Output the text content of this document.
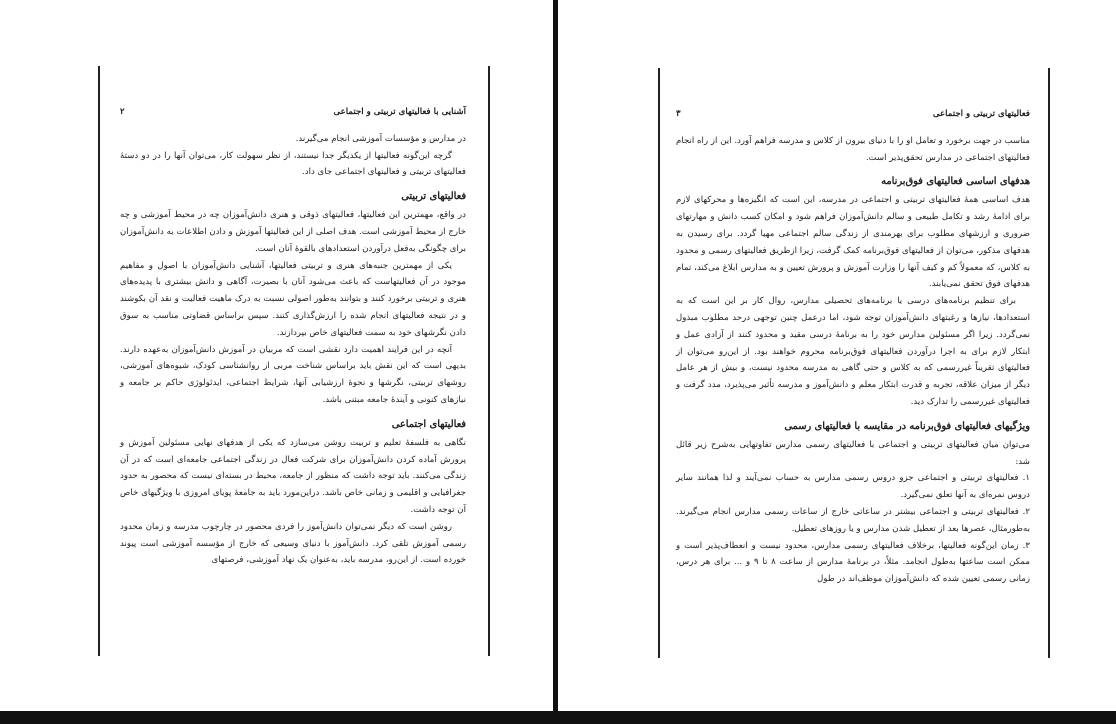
آشنایی با فعالیتهای تربیتی و اجتماعی
۲

در مدارس و مؤسسات آموزشی انجام می‌گیرند.

گرچه این‌گونه فعالیتها از یکدیگر جدا نیستند، از نظر سهولت کار، می‌توان آنها را در دو دستهٔ فعالیتهای تربیتی و فعالیتهای اجتماعی جای داد.

فعالیتهای تربیتی

در واقع، مهمترین این فعالیتها، فعالیتهای ذوقی و هنری دانش‌آموزان چه در محیط آموزشی و چه خارج از محیط آموزشی است. هدف اصلی از این فعالیتها آموزش و دادن اطلاعات به دانش‌آموزان برای چگونگی به‌فعل درآوردن استعدادهای بالقوهٔ آنان است.

یکی از مهمترین جنبه‌های هنری و تربیتی فعالیتها، آشنایی دانش‌آموزان با اصول و مفاهیم موجود در آن فعالیتهاست که باعث می‌شود آنان با بصیرت، آگاهی و دانش بیشتری با پدیده‌های هنری و تربیتی برخورد کنند و بتوانند به‌طور اصولی نسبت به درک ماهیت فعالیت و نقد آن بکوشند و در نتیجه فعالیتهای انجام شده را ارزش‌گذاری کنند. سپس براساس قضاوتی مناسب به سوق دادن نگرشهای خود به سمت فعالیتهای خاص بپردازند.

آنچه در این فرایند اهمیت دارد نقشی است که مربیان در آموزش دانش‌آموزان به‌عهده دارند. بدیهی است که این نقش باید براساس شناخت مربی از روانشناسی کودک، شیوه‌های آموزشی، روشهای تربیتی، نگرشها و نحوهٔ ارزشیابی آنها، شرایط اجتماعی، ایدئولوژی حاکم بر جامعه و نیازهای کنونی و آیندهٔ جامعه مبتنی باشد.

فعالیتهای اجتماعی

نگاهی به فلسفهٔ تعلیم و تربیت روشن می‌سازد که یکی از هدفهای نهایی مسئولین آموزش و پرورش آماده کردن دانش‌آموزان برای شرکت فعال در زندگی اجتماعی جامعه‌ای است که در آن زندگی می‌کنند. باید توجه داشت که منظور از جامعه، محیط در بسته‌ای نیست که محصور به حدود جغرافیایی و اقلیمی و زمانی خاص باشد. دراین‌مورد باید به جامعهٔ پویای امروزی با ویژگیهای خاص آن توجه داشت.

روشن است که دیگر نمی‌توان دانش‌آموز را فردی محصور در چارچوب مدرسه و زمان محدود رسمی آموزش تلقی کرد. دانش‌آموز با دنیای وسیعی که خارج از مؤسسه آموزشی است پیوند خورده است. از این‌رو، مدرسه باید، به‌عنوان یک نهاد آموزشی، فرصتهای

فعالیتهای تربیتی و اجتماعی
۳

مناسب در جهت برخورد و تعامل او را با دنیای بیرون از کلاس و مدرسه فراهم آورد. این از راه انجام فعالیتهای اجتماعی در مدارس تحقق‌پذیر است.

هدفهای اساسی فعالیتهای فوق‌برنامه

هدف اساسی همهٔ فعالیتهای تربیتی و اجتماعی در مدرسه، این است که انگیزه‌ها و محرکهای لازم برای ادامهٔ رشد و تکامل طبیعی و سالم دانش‌آموزان فراهم شود و امکان کسب دانش و مهارتهای ضروری و ارزشهای مطلوب برای بهرمندی از زندگی سالم اجتماعی مهیا گردد. برای رسیدن به هدفهای مذکور، می‌توان از فعالیتهای فوق‌برنامه کمک گرفت، زیرا ازطریق فعالیتهای رسمی و محدود به کلاس، که معمولاً کم و کیف آنها را وزارت آموزش و پرورش تعیین و به مدارس ابلاغ می‌کند، تمام هدفهای فوق تحقق نمی‌یابند.

برای تنظیم برنامه‌های درسی یا برنامه‌های تحصیلی مدارس، روال کار بر این است که به استعدادها، نیازها و رغبتهای دانش‌آموزان توجه شود، اما درعمل چنین توجهی درحد مطلوب مبذول نمی‌گردد. زیرا اگر مسئولین مدارس خود را به برنامهٔ درسی مقید و محدود کنند از آزادی عمل و ابتکار لازم برای به اجرا درآوردن فعالیتهای فوق‌برنامه محروم خواهند بود. از این‌رو می‌توان از فعالیتهای تقریباً غیررسمی که به کلاس و حتی گاهی به مدرسه محدود نیست، و بیش از هر عامل دیگر از میزان علاقه، تجربه و قدرت ابتکار معلم و دانش‌آموز و مدرسه تأثیر می‌پذیرد، مدد گرفت و فعالیتهای غیررسمی را تدارک دید.

ویژگیهای فعالیتهای فوق‌برنامه در مقایسه با فعالیتهای رسمی

می‌توان میان فعالیتهای تربیتی و اجتماعی با فعالیتهای رسمی مدارس تفاوتهایی به‌شرح زیر قائل شد:

۱. فعالیتهای تربیتی و اجتماعی جزو دروس رسمی مدارس به حساب نمی‌آیند و لذا همانند سایر دروس نمره‌ای به آنها تعلق نمی‌گیرد.

۲. فعالیتهای تربیتی و اجتماعی بیشتر در ساعاتی خارج از ساعات رسمی مدارس انجام می‌گیرند. به‌طورمثال، عصرها بعد از تعطیل شدن مدارس و یا روزهای تعطیل.

۳. زمان این‌گونه فعالیتها، برخلاف فعالیتهای رسمی مدارس، محدود نیست و انعطاف‌پذیر است و ممکن است ساعتها به‌طول انجامد. مثلاً، در برنامهٔ مدارس از ساعت ۸ تا ۹ و ... برای هر درس، زمانی رسمی تعیین شده که دانش‌آموزان موظف‌اند در طول
